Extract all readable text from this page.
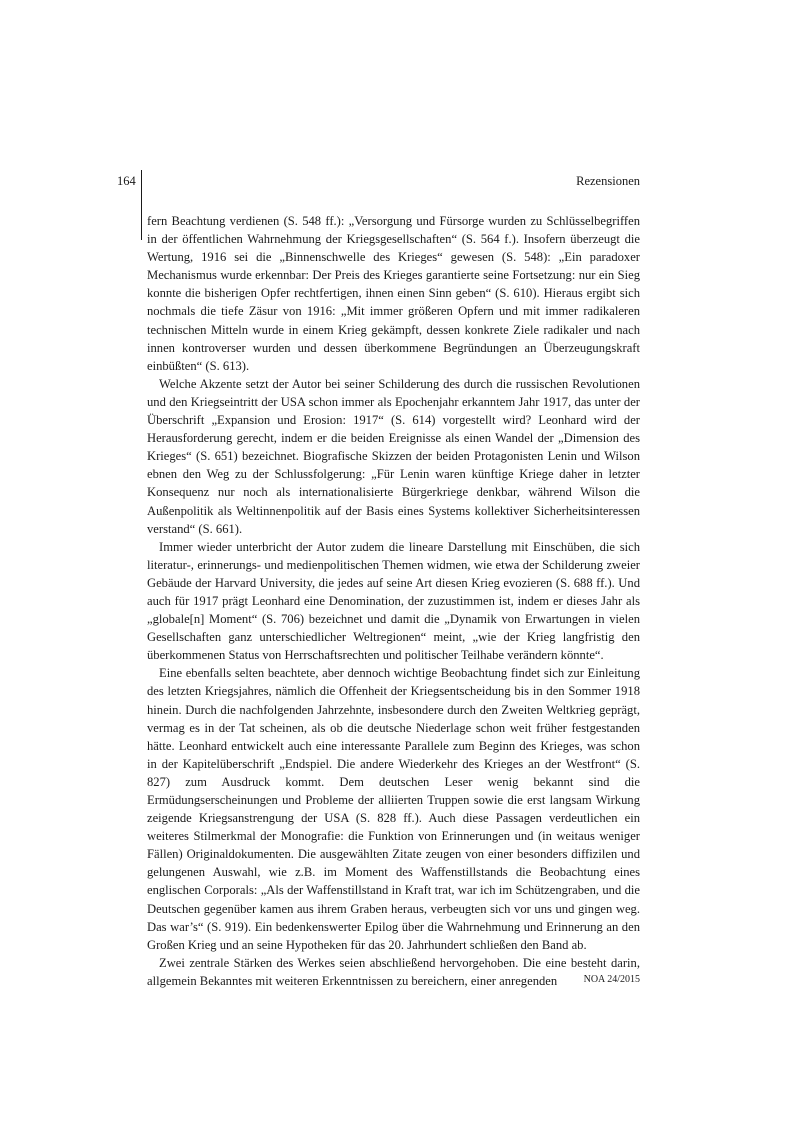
164	Rezensionen

fern Beachtung verdienen (S. 548 ff.): „Versorgung und Fürsorge wurden zu Schlüsselbegriffen in der öffentlichen Wahrnehmung der Kriegsgesellschaften“ (S. 564 f.). Insofern überzeugt die Wertung, 1916 sei die „Binnenschwelle des Krieges“ gewesen (S. 548): „Ein paradoxer Mechanismus wurde erkennbar: Der Preis des Krieges garantierte seine Fortsetzung: nur ein Sieg konnte die bisherigen Opfer rechtfertigen, ihnen einen Sinn geben“ (S. 610). Hieraus ergibt sich nochmals die tiefe Zäsur von 1916: „Mit immer größeren Opfern und mit immer radikaleren technischen Mitteln wurde in einem Krieg gekämpft, dessen konkrete Ziele radikaler und nach innen kontroverser wurden und dessen überkommene Begründungen an Überzeugungskraft einbüßten“ (S. 613).

Welche Akzente setzt der Autor bei seiner Schilderung des durch die russischen Revolutionen und den Kriegseintritt der USA schon immer als Epochenjahr erkanntem Jahr 1917, das unter der Überschrift „Expansion und Erosion: 1917“ (S. 614) vorgestellt wird? Leonhard wird der Herausforderung gerecht, indem er die beiden Ereignisse als einen Wandel der „Dimension des Krieges“ (S. 651) bezeichnet. Biografische Skizzen der beiden Protagonisten Lenin und Wilson ebnen den Weg zu der Schlussfolgerung: „Für Lenin waren künftige Kriege daher in letzter Konsequenz nur noch als internationalisierte Bürgerkriege denkbar, während Wilson die Außenpolitik als Weltinnenpolitik auf der Basis eines Systems kollektiver Sicherheitsinteressen verstand“ (S. 661).

Immer wieder unterbricht der Autor zudem die lineare Darstellung mit Einschüben, die sich literatur-, erinnerungs- und medienpolitischen Themen widmen, wie etwa der Schilderung zweier Gebäude der Harvard University, die jedes auf seine Art diesen Krieg evozieren (S. 688 ff.). Und auch für 1917 prägt Leonhard eine Denomination, der zuzustimmen ist, indem er dieses Jahr als „globale[n] Moment“ (S. 706) bezeichnet und damit die „Dynamik von Erwartungen in vielen Gesellschaften ganz unterschiedlicher Weltregionen“ meint, „wie der Krieg langfristig den überkommenen Status von Herrschaftsrechten und politischer Teilhabe verändern könnte“.

Eine ebenfalls selten beachtete, aber dennoch wichtige Beobachtung findet sich zur Einleitung des letzten Kriegsjahres, nämlich die Offenheit der Kriegsentscheidung bis in den Sommer 1918 hinein. Durch die nachfolgenden Jahrzehnte, insbesondere durch den Zweiten Weltkrieg geprägt, vermag es in der Tat scheinen, als ob die deutsche Niederlage schon weit früher festgestanden hätte. Leonhard entwickelt auch eine interessante Parallele zum Beginn des Krieges, was schon in der Kapitelüberschrift „Endspiel. Die andere Wiederkehr des Krieges an der Westfront“ (S. 827) zum Ausdruck kommt. Dem deutschen Leser wenig bekannt sind die Ermüdungserscheinungen und Probleme der alliierten Truppen sowie die erst langsam Wirkung zeigende Kriegsanstrengung der USA (S. 828 ff.). Auch diese Passagen verdeutlichen ein weiteres Stilmerkmal der Monografie: die Funktion von Erinnerungen und (in weitaus weniger Fällen) Originaldokumenten. Die ausgewählten Zitate zeugen von einer besonders diffizilen und gelungenen Auswahl, wie z.B. im Moment des Waffenstillstands die Beobachtung eines englischen Corporals: „Als der Waffenstillstand in Kraft trat, war ich im Schützengraben, und die Deutschen gegenüber kamen aus ihrem Graben heraus, verbeugten sich vor uns und gingen weg. Das war’s“ (S. 919). Ein bedenkenswerter Epilog über die Wahrnehmung und Erinnerung an den Großen Krieg und an seine Hypotheken für das 20. Jahrhundert schließen den Band ab.

Zwei zentrale Stärken des Werkes seien abschließend hervorgehoben. Die eine besteht darin, allgemein Bekanntes mit weiteren Erkenntnissen zu bereichern, einer anregenden	NOA 24/2015
